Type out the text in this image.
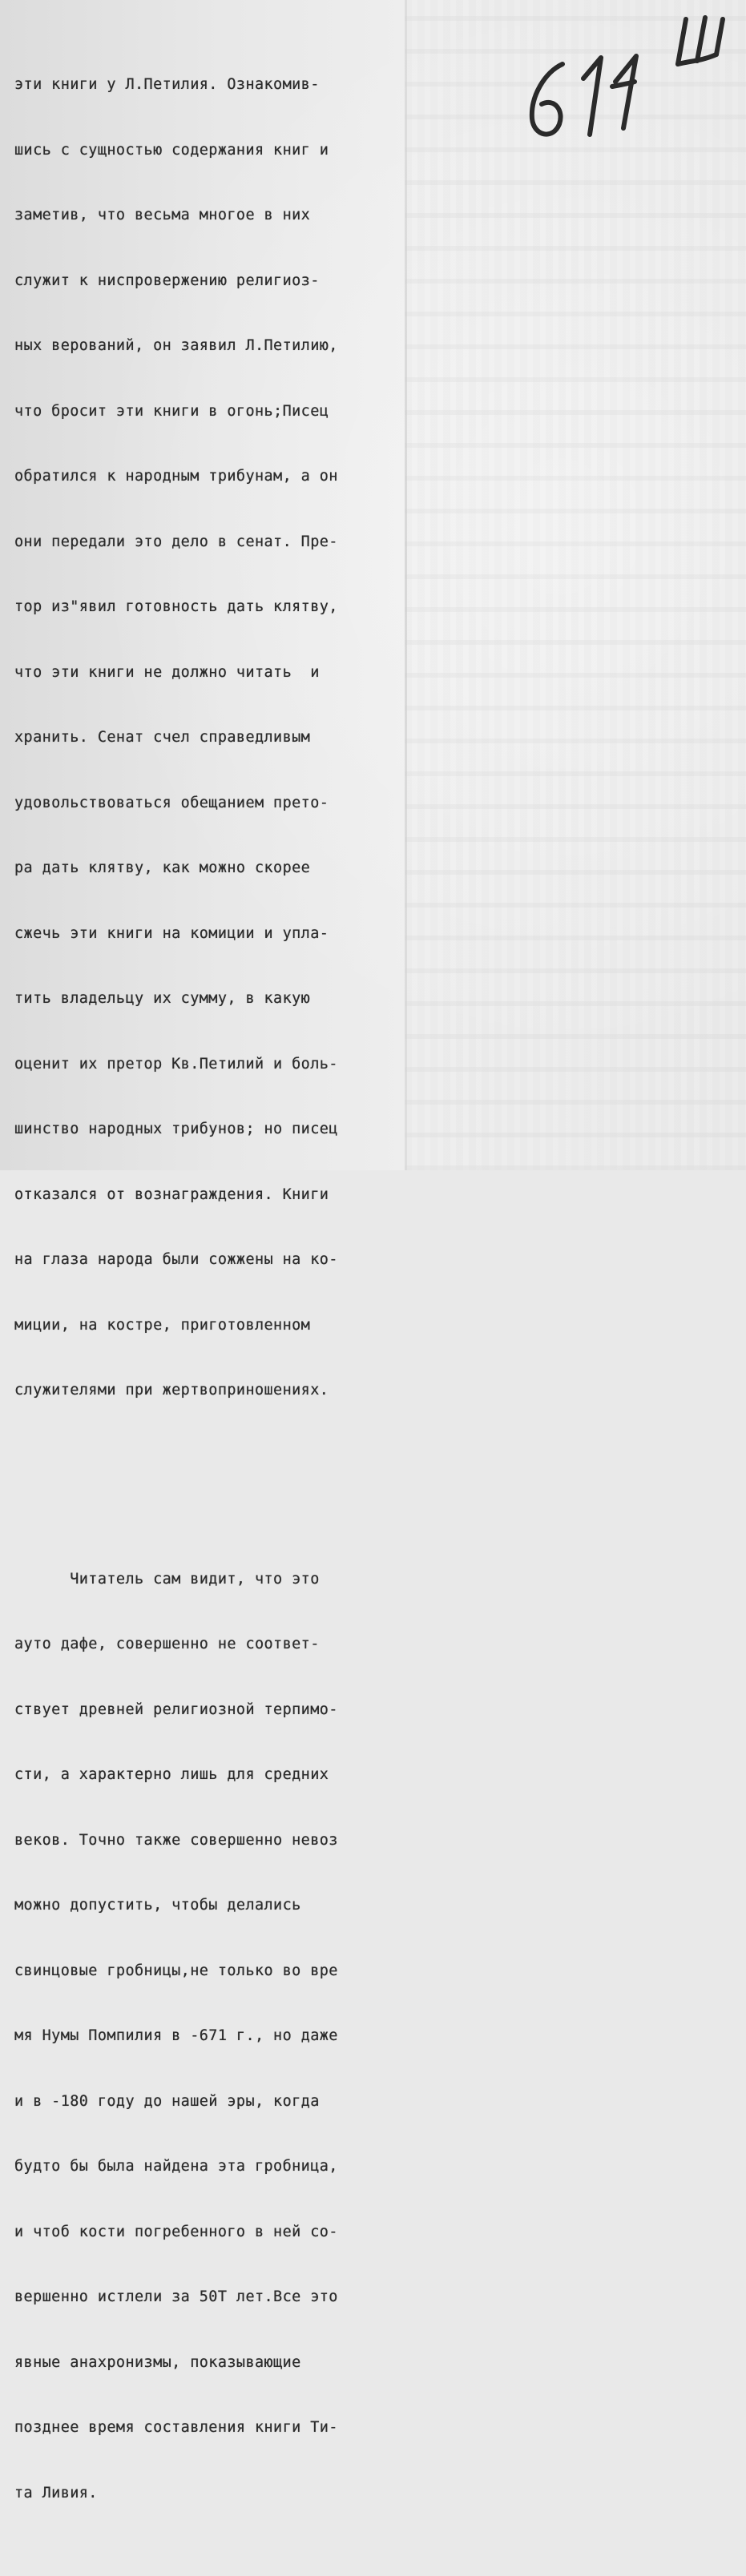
эти книги у Л.Петилия. Ознакомив-

шись с сущностью содержания книг и

заметив, что весьма многое в них

служит к ниспровержению религиоз-

ных верований, он заявил Л.Петилию,

что бросит эти книги в огонь;Писец

обратился к народным трибунам, а он

они передали это дело в сенат. Пре-

тор из"явил готовность дать клятву,

что эти книги не должно читать  и

хранить. Сенат счел справедливым

удовольствоваться обещанием прето-

ра дать клятву, как можно скорее

сжечь эти книги на комиции и упла-

тить владельцу их сумму, в какую

оценит их претор Кв.Петилий и боль-

шинство народных трибунов; но писец

отказался от вознаграждения. Книги

на глаза народа были сожжены на ко-

миции, на костре, приготовленном

служителями при жертвоприношениях.

Читатель сам видит, что это

ауто дафе, совершенно не соответ-

ствует древней религиозной терпимо-

сти, а характерно лишь для средних

веков. Точно также совершенно невоз

можно допустить, чтобы делались

свинцовые гробницы,не только во вре

мя Нумы Помпилия в -671 г., но даже

и в -180 году до нашей эры, когда

будто бы была найдена эта гробница,

и чтоб кости погребенного в ней со-

вершенно истлели за 50Т лет.Все это

явные анахронизмы, показывающие

позднее время составления книги Ти-

та Ливия.
